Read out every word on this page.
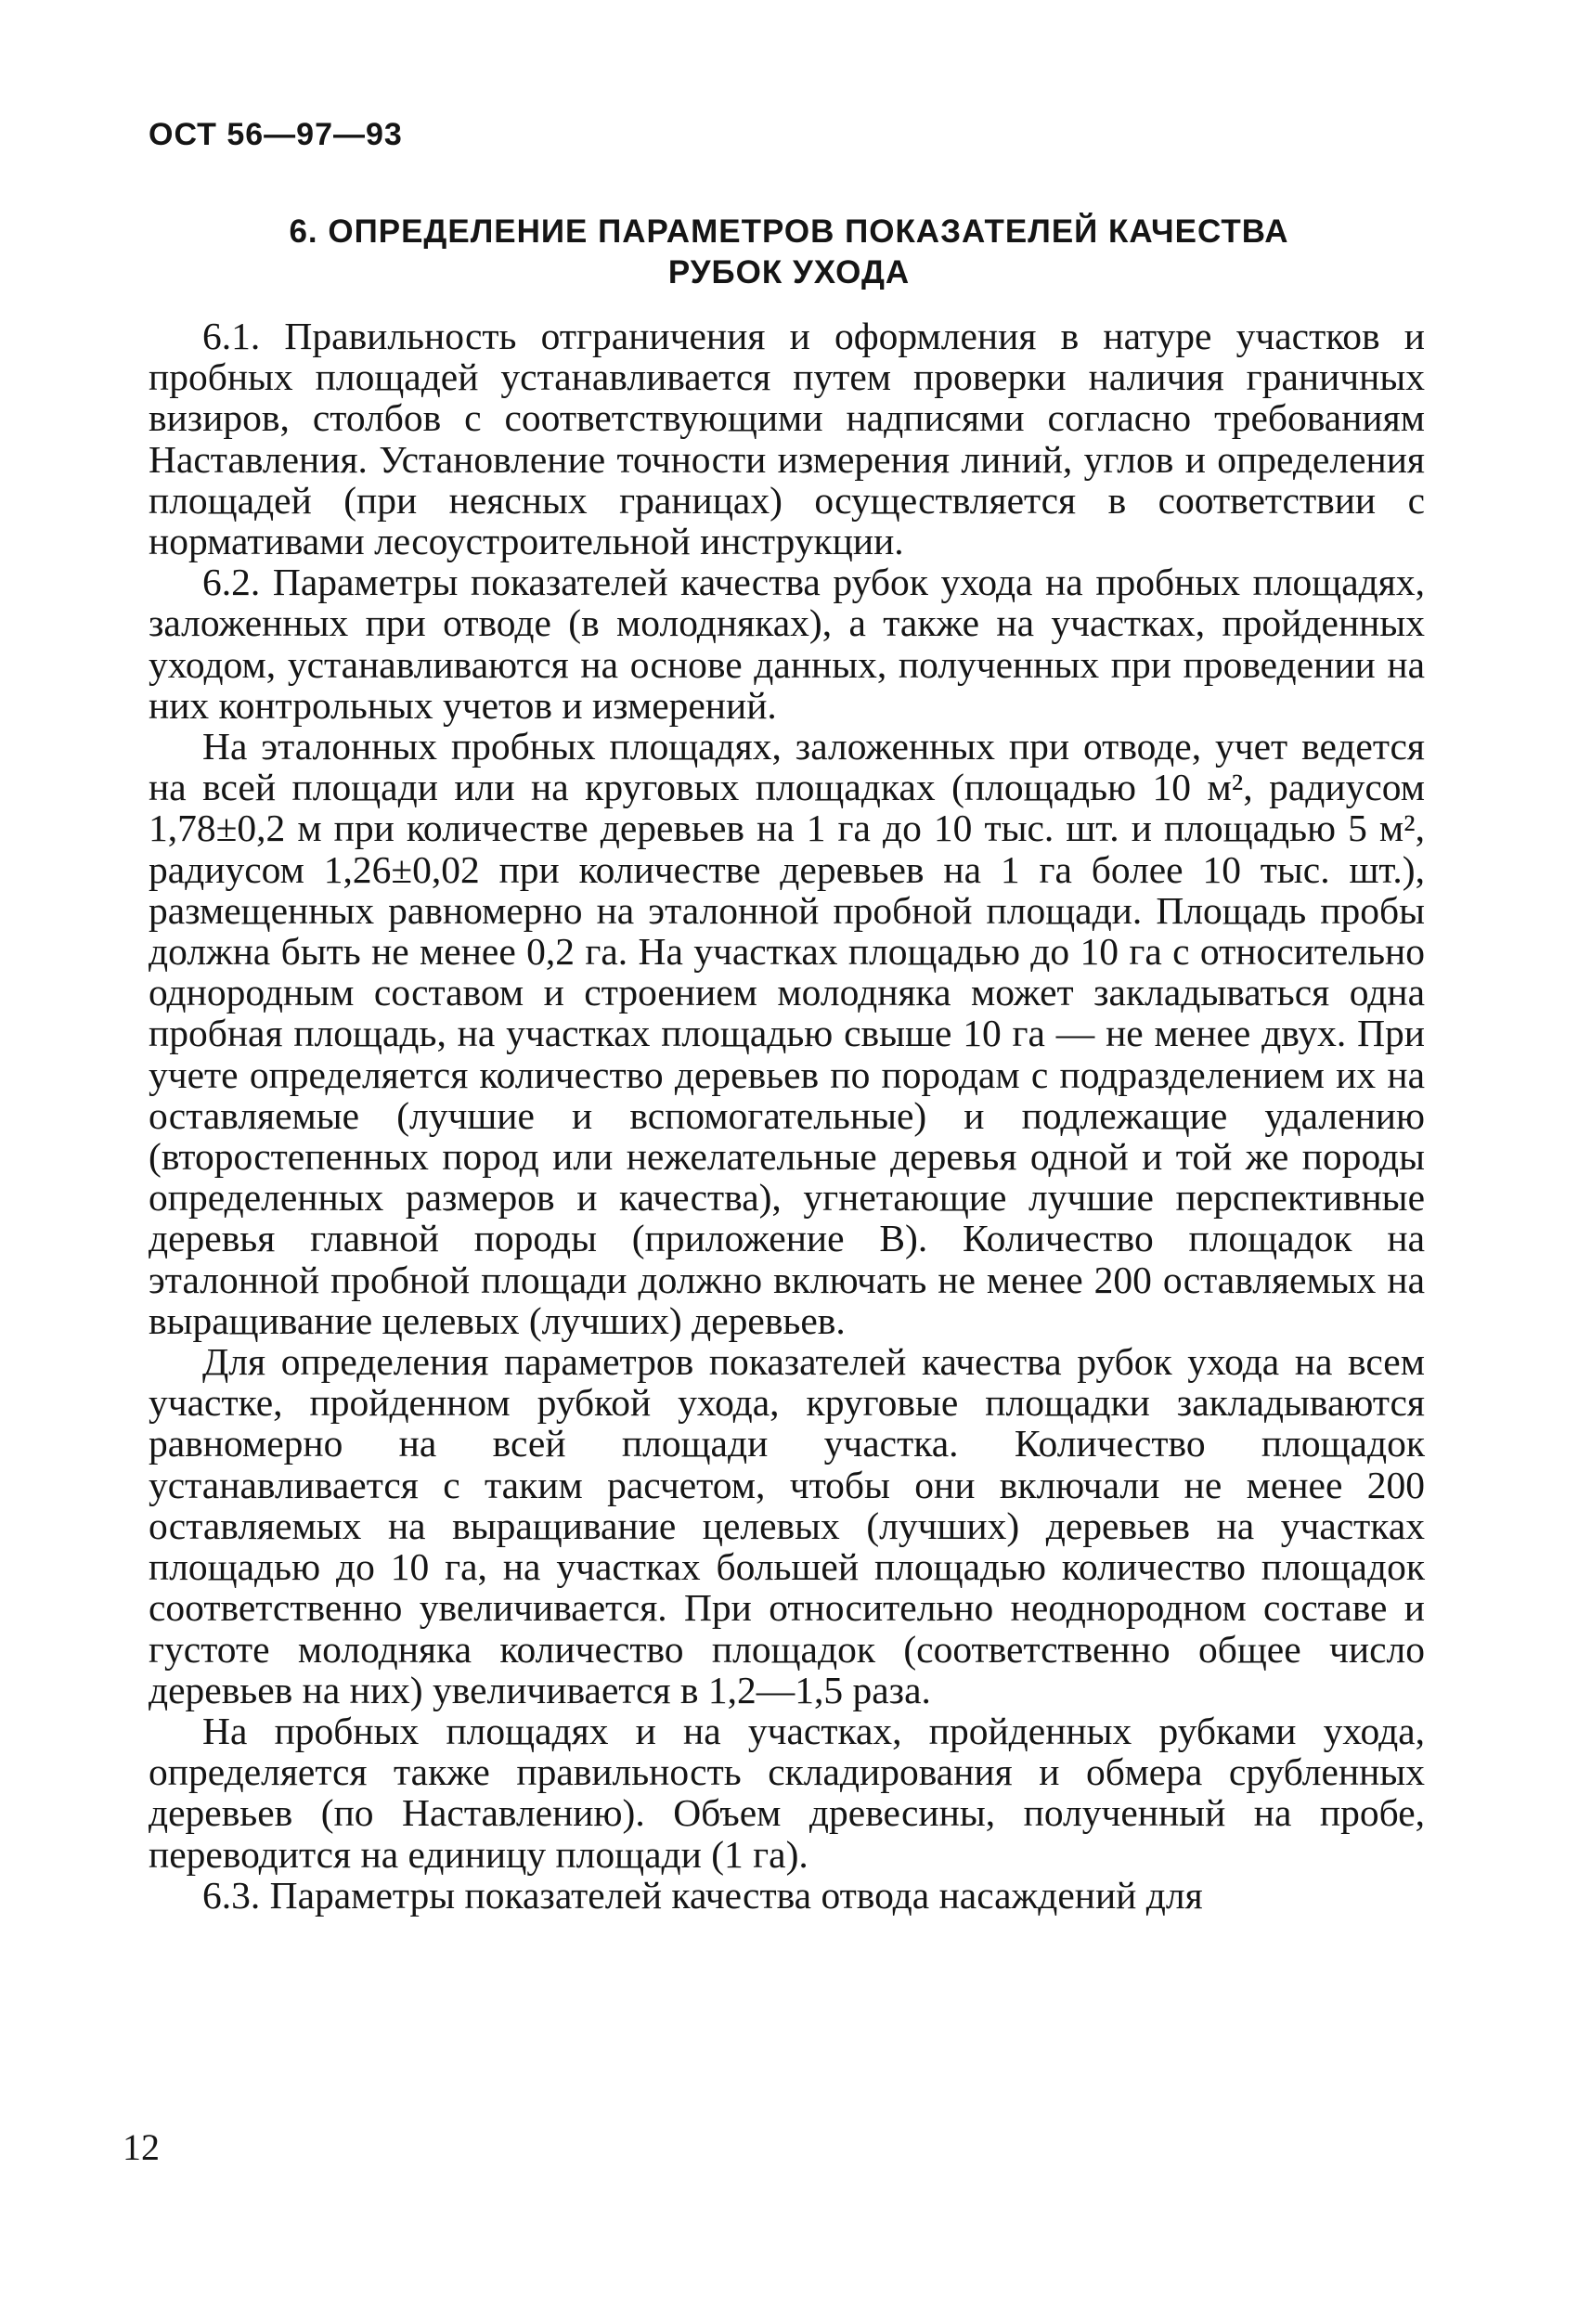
ОСТ 56—97—93

6. ОПРЕДЕЛЕНИЕ ПАРАМЕТРОВ ПОКАЗАТЕЛЕЙ КАЧЕСТВА
РУБОК УХОДА

6.1. Правильность отграничения и оформления в натуре участков и пробных площадей устанавливается путем проверки наличия граничных визиров, столбов с соответствующими надписями согласно требованиям Наставления. Установление точности измерения линий, углов и определения площадей (при неясных границах) осуществляется в соответствии с нормативами лесоустроительной инструкции.

6.2. Параметры показателей качества рубок ухода на пробных площадях, заложенных при отводе (в молодняках), а также на участках, пройденных уходом, устанавливаются на основе данных, полученных при проведении на них контрольных учетов и измерений.

На эталонных пробных площадях, заложенных при отводе, учет ведется на всей площади или на круговых площадках (площадью 10 м², радиусом 1,78±0,2 м при количестве деревьев на 1 га до 10 тыс. шт. и площадью 5 м², радиусом 1,26±0,02 при количестве деревьев на 1 га более 10 тыс. шт.), размещенных равномерно на эталонной пробной площади. Площадь пробы должна быть не менее 0,2 га. На участках площадью до 10 га с относительно однородным составом и строением молодняка может закладываться одна пробная площадь, на участках площадью свыше 10 га — не менее двух. При учете определяется количество деревьев по породам с подразделением их на оставляемые (лучшие и вспомогательные) и подлежащие удалению (второстепенных пород или нежелательные деревья одной и той же породы определенных размеров и качества), угнетающие лучшие перспективные деревья главной породы (приложение В). Количество площадок на эталонной пробной площади должно включать не менее 200 оставляемых на выращивание целевых (лучших) деревьев.

Для определения параметров показателей качества рубок ухода на всем участке, пройденном рубкой ухода, круговые площадки закладываются равномерно на всей площади участка. Количество площадок устанавливается с таким расчетом, чтобы они включали не менее 200 оставляемых на выращивание целевых (лучших) деревьев на участках площадью до 10 га, на участках большей площадью количество площадок соответственно увеличивается. При относительно неоднородном составе и густоте молодняка количество площадок (соответственно общее число деревьев на них) увеличивается в 1,2—1,5 раза.

На пробных площадях и на участках, пройденных рубками ухода, определяется также правильность складирования и обмера срубленных деревьев (по Наставлению). Объем древесины, полученный на пробе, переводится на единицу площади (1 га).

6.3. Параметры показателей качества отвода насаждений для

12
